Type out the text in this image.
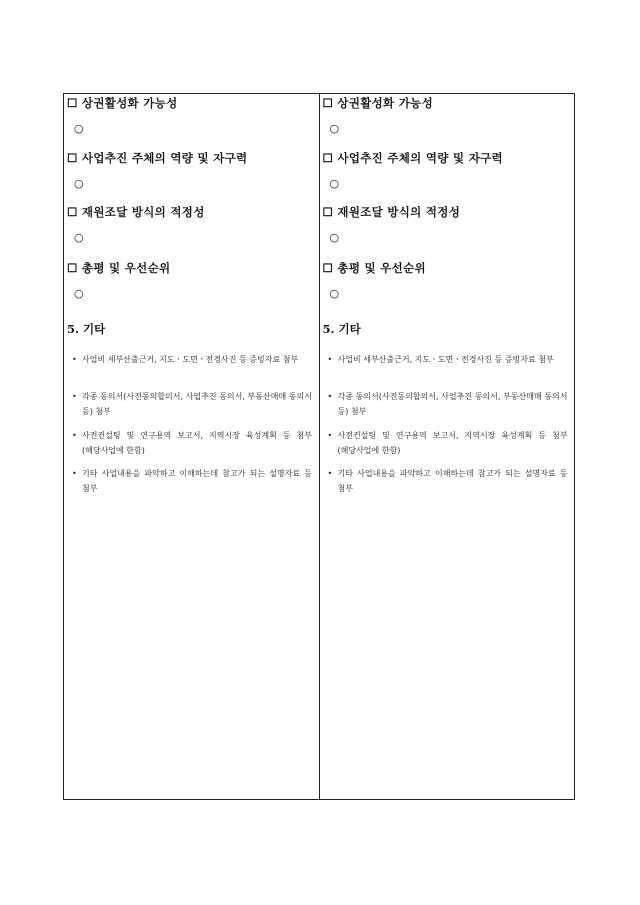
☐ 상권활성화 가능성
○
☐ 사업추진 주체의 역량 및 자구력
○
☐ 재원조달 방식의 적정성
○
☐ 총평 및 우선순위
○
5. 기타
• 사업비 세부산출근거, 지도ㆍ도면ㆍ전경사진 등 증빙자료 첨부
• 각종 동의서(사전동의합의서, 사업추진 동의서, 부동산매매 동의서 등) 첨부
• 사전컨설팅 및 연구용역 보고서, 지역시장 육성계획 등 첨부 (해당사업에 한함)
• 기타 사업내용을 파악하고 이해하는데 참고가 되는 설명자료 등 첨부
☐ 상권활성화 가능성
○
☐ 사업추진 주체의 역량 및 자구력
○
☐ 재원조달 방식의 적정성
○
☐ 총평 및 우선순위
○
5. 기타
• 사업비 세부산출근거, 지도ㆍ도면ㆍ전경사진 등 증빙자료 첨부
• 각종 동의서(사전동의합의서, 사업추진 동의서, 부동산매매 동의서 등) 첨부
• 사전컨설팅 및 연구용역 보고서, 지역시장 육성계획 등 첨부 (해당사업에 한함)
• 기타 사업내용을 파악하고 이해하는데 참고가 되는 설명자료 등 첨부
